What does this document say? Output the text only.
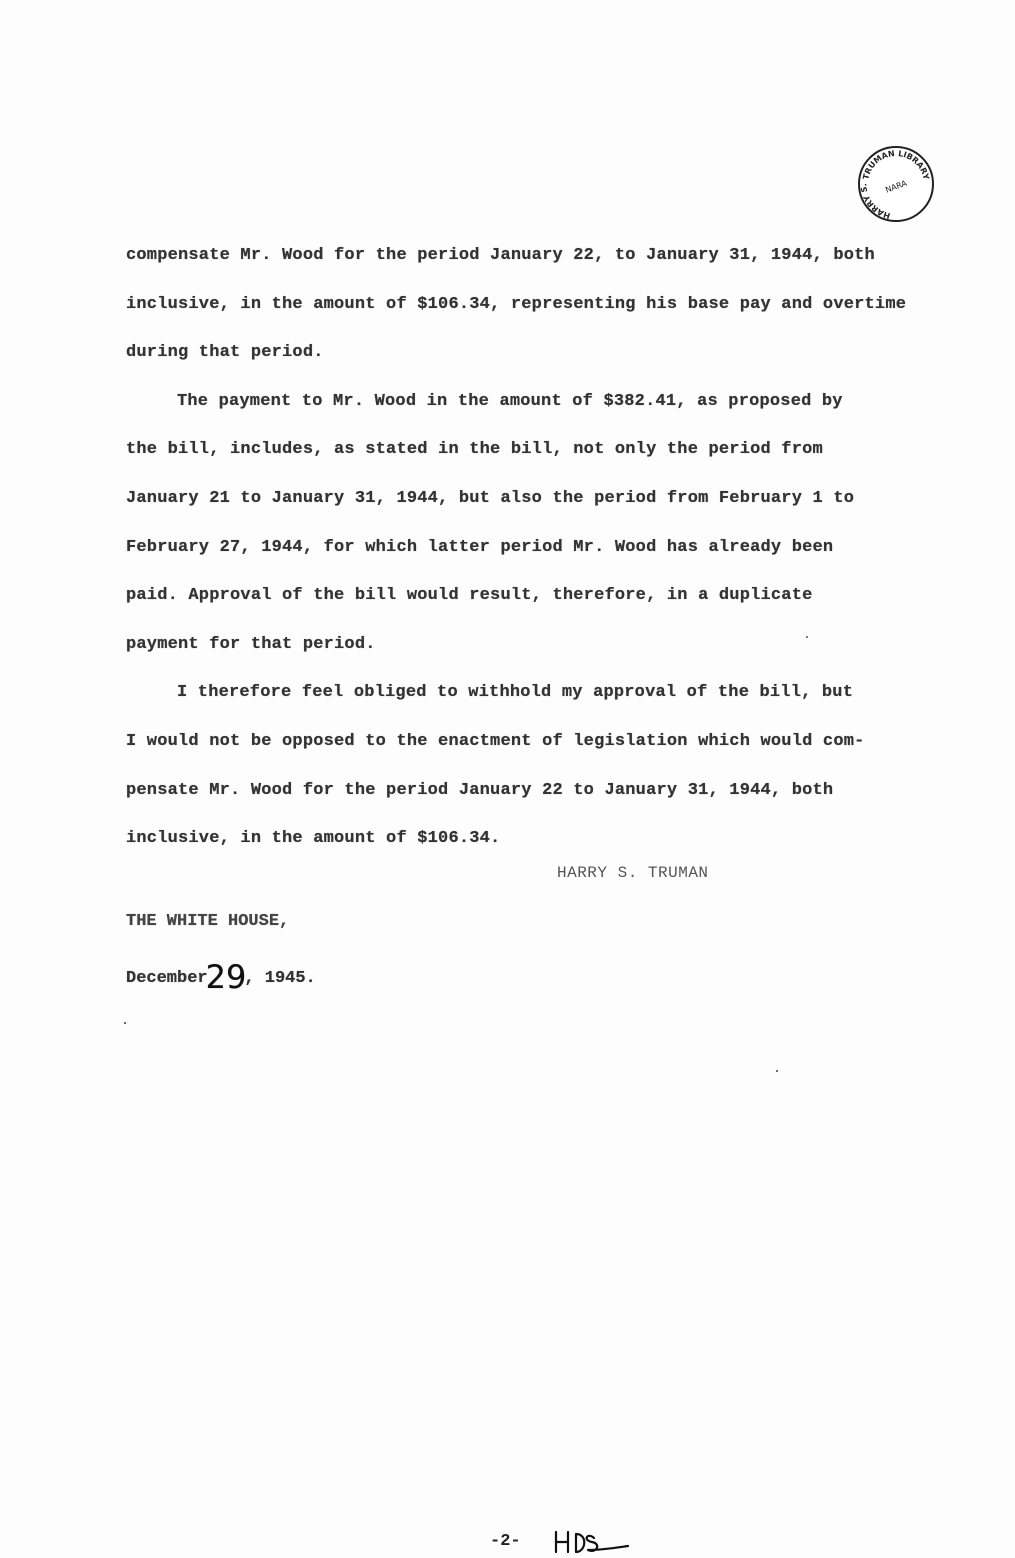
TRUMAN LIBRARY
HARRY S.	NARA
compensate Mr. Wood for the period January 22, to January 31, 1944, both
inclusive, in the amount of $106.34, representing his base pay and overtime
during that period.
The payment to Mr. Wood in the amount of $382.41, as proposed by
the bill, includes, as stated in the bill, not only the period from
January 21 to January 31, 1944, but also the period from February 1 to
February 27, 1944, for which latter period Mr. Wood has already been
paid. Approval of the bill would result, therefore, in a duplicate
payment for that period.
I therefore feel obliged to withhold my approval of the bill, but
I would not be opposed to the enactment of legislation which would com-
pensate Mr. Wood for the period January 22 to January 31, 1944, both
inclusive, in the amount of $106.34.
HARRY S. TRUMAN
THE WHITE HOUSE,
December29, 1945.
-2-
